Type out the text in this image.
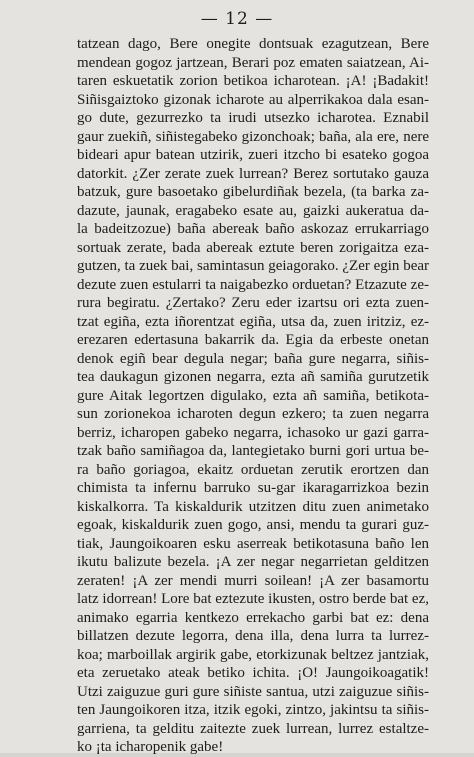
— 12 —
tatzean dago, Bere onegite dontsuak ezagutzean, Bere
mendean gogoz jartzean, Berari poz ematen saiatzean, Ai-
taren eskuetatik zorion betikoa icharotean. ¡A! ¡Badakit!
Siñisgaiztoko gizonak icharote au alperrikakoa dala esan-
go dute, gezurrezko ta irudi utsezko icharotea. Eznabil
gaur zuekiñ, siñistegabeko gizonchoak; baña, ala ere, nere
bideari apur batean utzirik, zueri itzcho bi esateko gogoa
datorkit. ¿Zer zerate zuek lurrean? Berez sortutako gauza
batzuk, gure basoetako gibelurdiñak bezela, (ta barka za-
dazute, jaunak, eragabeko esate au, gaizki aukeratua da-
la badeitzozue) baña abereak baño askozaz errukarriago
sortuak zerate, bada abereak eztute beren zorigaitza eza-
gutzen, ta zuek bai, samintasun geiagorako. ¿Zer egin bear
dezute zuen estularri ta naigabezko orduetan? Etzazute ze-
rura begiratu. ¿Zertako? Zeru eder izartsu ori ezta zuen-
tzat egiña, ezta iñorentzat egiña, utsa da, zuen iritziz, ez-
erezaren edertasuna bakarrik da. Egia da erbeste onetan
denok egiñ bear degula negar; baña gure negarra, siñis-
tea daukagun gizonen negarra, ezta añ samiña gurutzetik
gure Aitak legortzen digulako, ezta añ samiña, betikota-
sun zorionekoa icharoten degun ezkero; ta zuen negarra
berriz, icharopen gabeko negarra, ichasoko ur gazi garra-
tzak baño samiñagoa da, lantegietako burni gori urtua be-
ra baño goriagoa, ekaitz orduetan zerutik erortzen dan
chimista ta infernu barruko su-gar ikaragarrizkoa bezin
kiskalkorra. Ta kiskaldurik utzitzen ditu zuen animetako
egoak, kiskaldurik zuen gogo, ansi, mendu ta gurari guz-
tiak, Jaungoikoaren esku aserreak betikotasuna baño len
ikutu balizute bezela. ¡A zer negar negarrietan gelditzen
zeraten! ¡A zer mendi murri soilean! ¡A zer basamortu
latz idorrean! Lore bat eztezute ikusten, ostro berde bat ez,
animako egarria kentkezo errekacho garbi bat ez: dena
billatzen dezute legorra, dena illa, dena lurra ta lurrez-
koa; marboillak argirik gabe, etorkizunak beltzez jantziak,
eta zeruetako ateak betiko ichita. ¡O! Jaungoikoagatik!
Utzi zaiguzue guri gure siñiste santua, utzi zaiguzue siñis-
ten Jaungoikoren itza, itzik egoki, zintzo, jakintsu ta siñis-
garriena, ta gelditu zaitezte zuek lurrean, lurrez estaltze-
ko ¡ta icharopenik gabe!
